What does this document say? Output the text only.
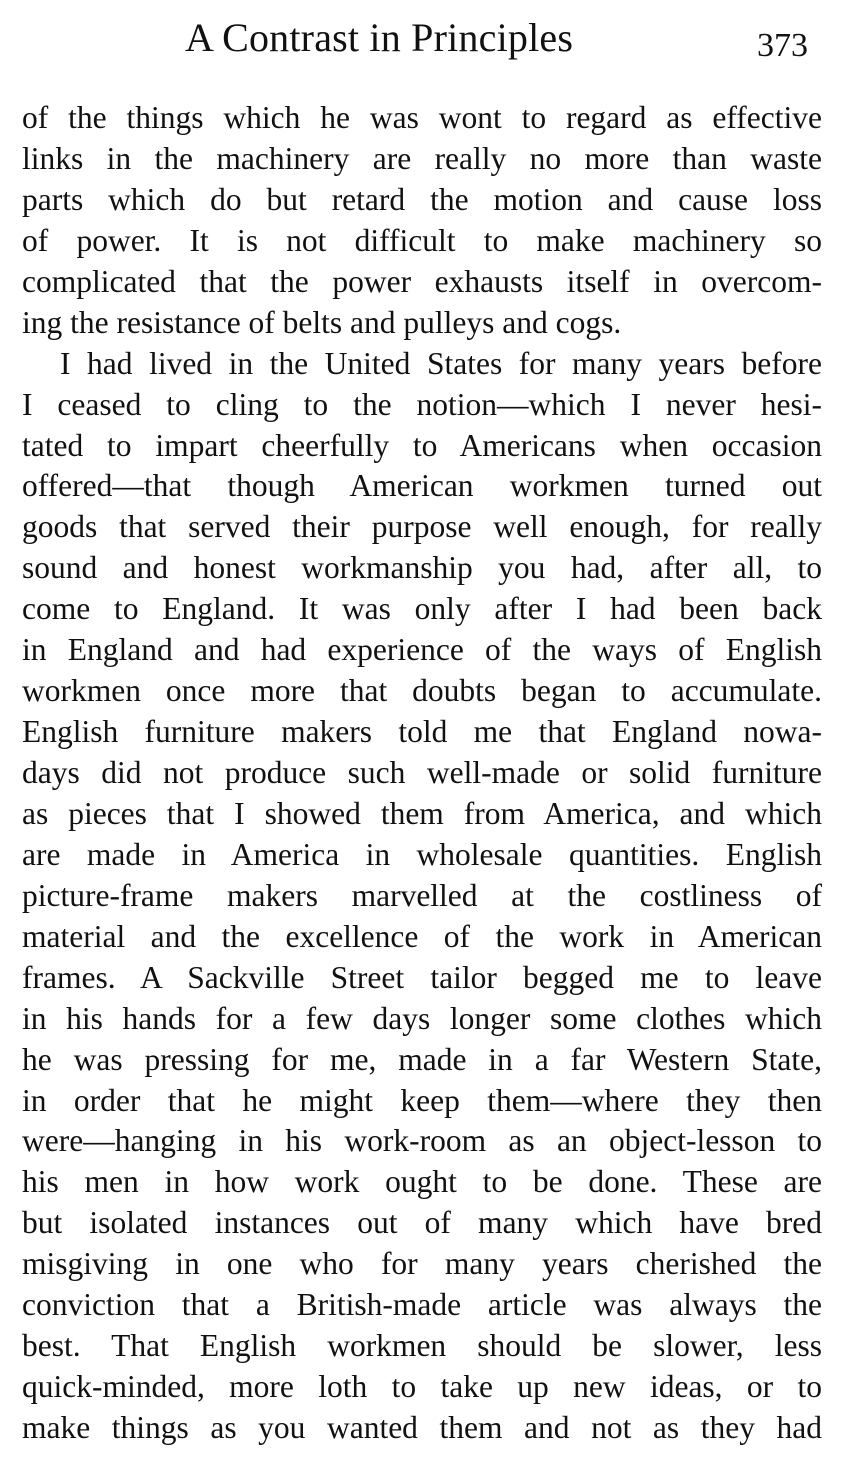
A Contrast in Principles	373
of the things which he was wont to regard as effective
links in the machinery are really no more than waste
parts which do but retard the motion and cause loss
of power. It is not difficult to make machinery so
complicated that the power exhausts itself in overcom-
ing the resistance of belts and pulleys and cogs.
I had lived in the United States for many years before
I ceased to cling to the notion—which I never hesi-
tated to impart cheerfully to Americans when occasion
offered—that though American workmen turned out
goods that served their purpose well enough, for really
sound and honest workmanship you had, after all, to
come to England. It was only after I had been back
in England and had experience of the ways of English
workmen once more that doubts began to accumulate.
English furniture makers told me that England nowa-
days did not produce such well-made or solid furniture
as pieces that I showed them from America, and which
are made in America in wholesale quantities. English
picture-frame makers marvelled at the costliness of
material and the excellence of the work in American
frames. A Sackville Street tailor begged me to leave
in his hands for a few days longer some clothes which
he was pressing for me, made in a far Western State,
in order that he might keep them—where they then
were—hanging in his work-room as an object-lesson to
his men in how work ought to be done. These are
but isolated instances out of many which have bred
misgiving in one who for many years cherished the
conviction that a British-made article was always the
best. That English workmen should be slower, less
quick-minded, more loth to take up new ideas, or to
make things as you wanted them and not as they had
